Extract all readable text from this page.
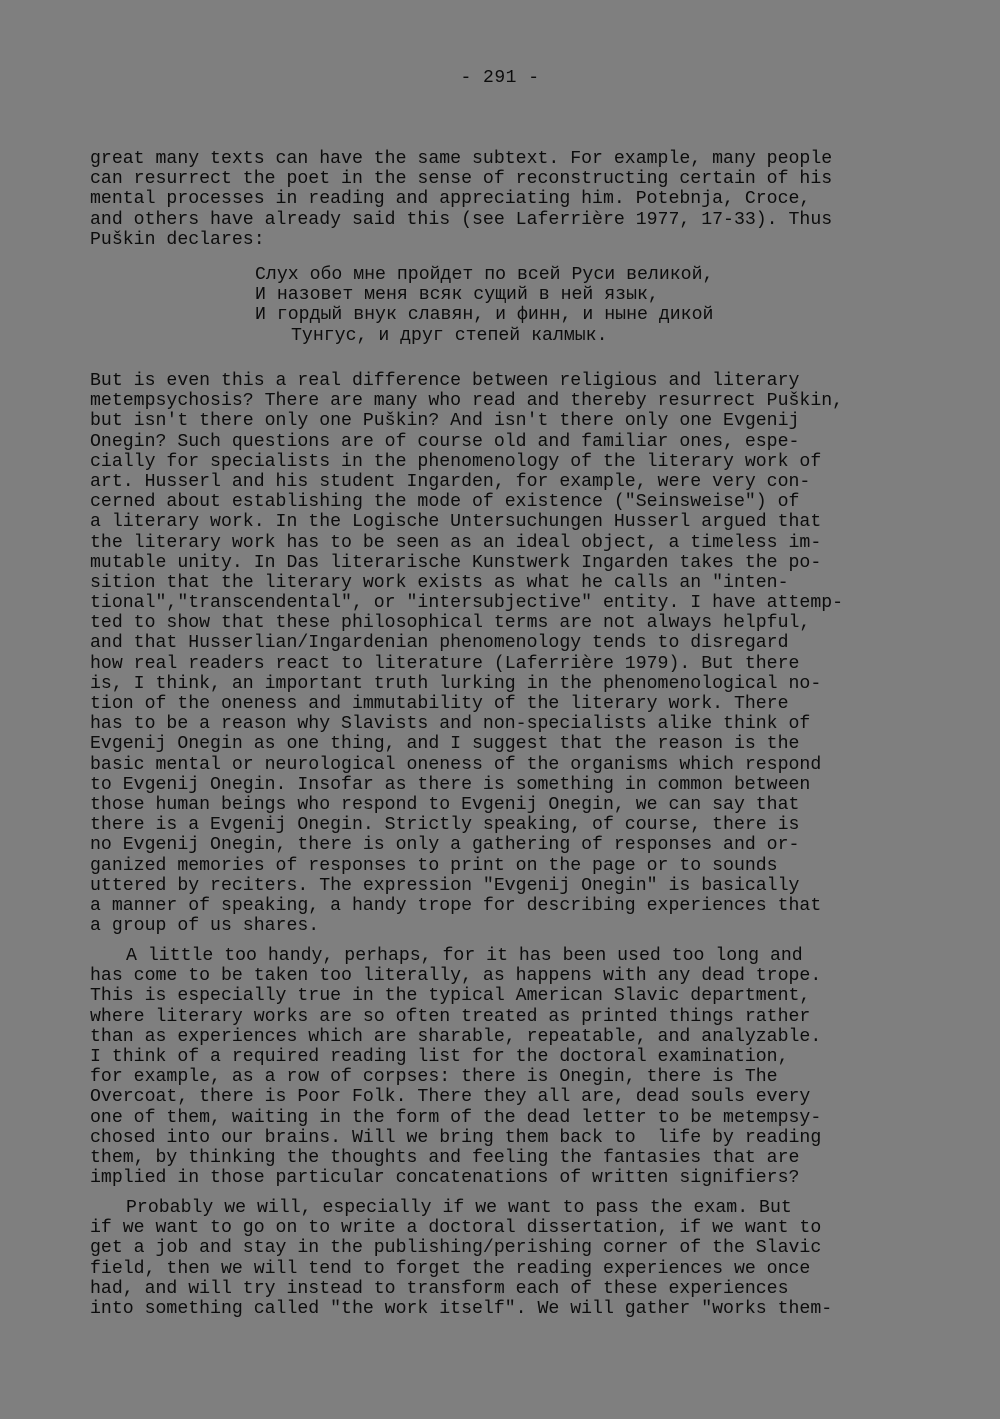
- 291 -
great many texts can have the same subtext. For example, many people
can resurrect the poet in the sense of reconstructing certain of his
mental processes in reading and appreciating him. Potebnja, Croce,
and others have already said this (see Laferrière 1977, 17-33). Thus
Puškin declares:
Слух обо мне пройдет по всей Руси великой,
И назовет меня всяк сущий в ней язык,
И гордый внук славян, и финн, и ныне дикой
Тунгус, и друг степей калмык.
But is even this a real difference between religious and literary
metempsychosis? There are many who read and thereby resurrect Puškin,
but isn't there only one Puškin? And isn't there only one Evgenij
Onegin? Such questions are of course old and familiar ones, espe-
cially for specialists in the phenomenology of the literary work of
art. Husserl and his student Ingarden, for example, were very con-
cerned about establishing the mode of existence ("Seinsweise") of
a literary work. In the Logische Untersuchungen Husserl argued that
the literary work has to be seen as an ideal object, a timeless im-
mutable unity. In Das literarische Kunstwerk Ingarden takes the po-
sition that the literary work exists as what he calls an "inten-
tional","transcendental", or "intersubjective" entity. I have attemp-
ted to show that these philosophical terms are not always helpful,
and that Husserlian/Ingardenian phenomenology tends to disregard
how real readers react to literature (Laferrière 1979). But there
is, I think, an important truth lurking in the phenomenological no-
tion of the oneness and immutability of the literary work. There
has to be a reason why Slavists and non-specialists alike think of
Evgenij Onegin as one thing, and I suggest that the reason is the
basic mental or neurological oneness of the organisms which respond
to Evgenij Onegin. Insofar as there is something in common between
those human beings who respond to Evgenij Onegin, we can say that
there is a Evgenij Onegin. Strictly speaking, of course, there is
no Evgenij Onegin, there is only a gathering of responses and or-
ganized memories of responses to print on the page or to sounds
uttered by reciters. The expression "Evgenij Onegin" is basically
a manner of speaking, a handy trope for describing experiences that
a group of us shares.
A little too handy, perhaps, for it has been used too long and
has come to be taken too literally, as happens with any dead trope.
This is especially true in the typical American Slavic department,
where literary works are so often treated as printed things rather
than as experiences which are sharable, repeatable, and analyzable.
I think of a required reading list for the doctoral examination,
for example, as a row of corpses: there is Onegin, there is The
Overcoat, there is Poor Folk. There they all are, dead souls every
one of them, waiting in the form of the dead letter to be metempsy-
chosed into our brains. Will we bring them back to  life by reading
them, by thinking the thoughts and feeling the fantasies that are
implied in those particular concatenations of written signifiers?
Probably we will, especially if we want to pass the exam. But
if we want to go on to write a doctoral dissertation, if we want to
get a job and stay in the publishing/perishing corner of the Slavic
field, then we will tend to forget the reading experiences we once
had, and will try instead to transform each of these experiences
into something called "the work itself". We will gather "works them-
